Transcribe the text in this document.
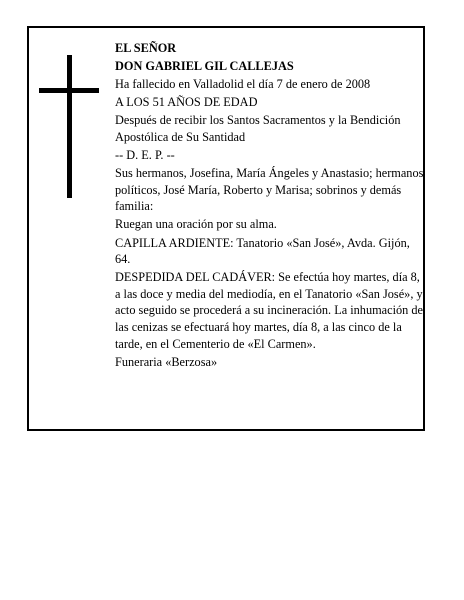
EL SEÑOR

DON GABRIEL GIL CALLEJAS

Ha fallecido en Valladolid el día 7 de enero de 2008

A LOS 51 AÑOS DE EDAD

Después de recibir los Santos Sacramentos y la Bendición Apostólica de Su Santidad

-- D. E. P. --

Sus hermanos, Josefina, María Ángeles y Anastasio; hermanos políticos, José María, Roberto y Marisa; sobrinos y demás familia:

Ruegan una oración por su alma.

CAPILLA ARDIENTE: Tanatorio «San José», Avda. Gijón, 64.

DESPEDIDA DEL CADÁVER: Se efectúa hoy martes, día 8, a las doce y media del mediodía, en el Tanatorio «San José», y acto seguido se procederá a su incineración. La inhumación de las cenizas se efectuará hoy martes, día 8, a las cinco de la tarde, en el Cementerio de «El Carmen».

Funeraria «Berzosa»
